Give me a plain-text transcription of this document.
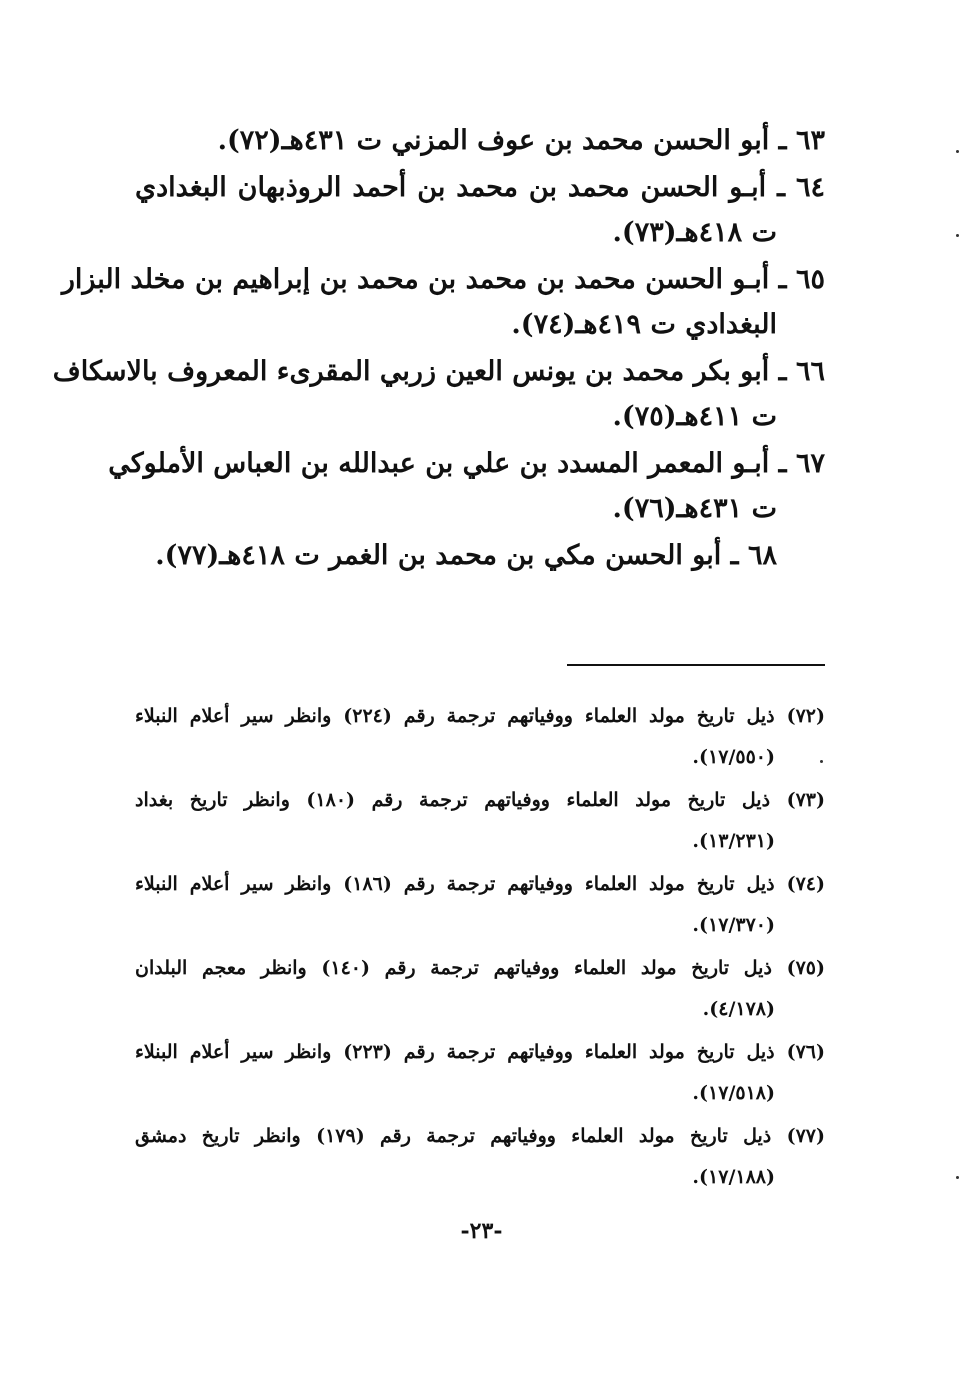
٦٣ ـ أبو الحسن محمد بن عوف المزني ت ٤٣١هـ(٧٢).
٦٤ ـ أبـو الحسن محمد بن محمد بن أحمد الروذبهان البغدادي
ت ٤١٨هـ(٧٣).
٦٥ ـ أبـو الحسن محمد بن محمد بن محمد بن إبراهيم بن مخلد البزار
البغدادي ت ٤١٩هـ(٧٤).
٦٦ ـ أبو بكر محمد بن يونس العين زربي المقرىء المعروف بالاسكاف
ت ٤١١هـ(٧٥).
٦٧ ـ أبـو المعمر المسدد بن علي بن عبدالله بن العباس الأملوكي
ت ٤٣١هـ(٧٦).
٦٨ ـ أبو الحسن مكي بن محمد بن الغمر ت ٤١٨هـ(٧٧).
(٧٢) ذيل تاريخ مولد العلماء ووفياتهم ترجمة رقم (٢٢٤) وانظر سير أعلام النبلاء
(١٧/٥٥٠).
(٧٣) ذيل تاريخ مولد العلماء ووفياتهم ترجمة رقم (١٨٠) وانظر تاريخ بغداد
(١٣/٢٣١).
(٧٤) ذيل تاريخ مولد العلماء ووفياتهم ترجمة رقم (١٨٦) وانظر سير أعلام النبلاء
(١٧/٣٧٠).
(٧٥) ذيل تاريخ مولد العلماء ووفياتهم ترجمة رقم (١٤٠) وانظر معجم البلدان
(٤/١٧٨).
(٧٦) ذيل تاريخ مولد العلماء ووفياتهم ترجمة رقم (٢٢٣) وانظر سير أعلام البنلاء
(١٧/٥١٨).
(٧٧) ذيل تاريخ مولد العلماء ووفياتهم ترجمة رقم (١٧٩) وانظر تاريخ دمشق
(١٧/١٨٨).
-٢٣-
